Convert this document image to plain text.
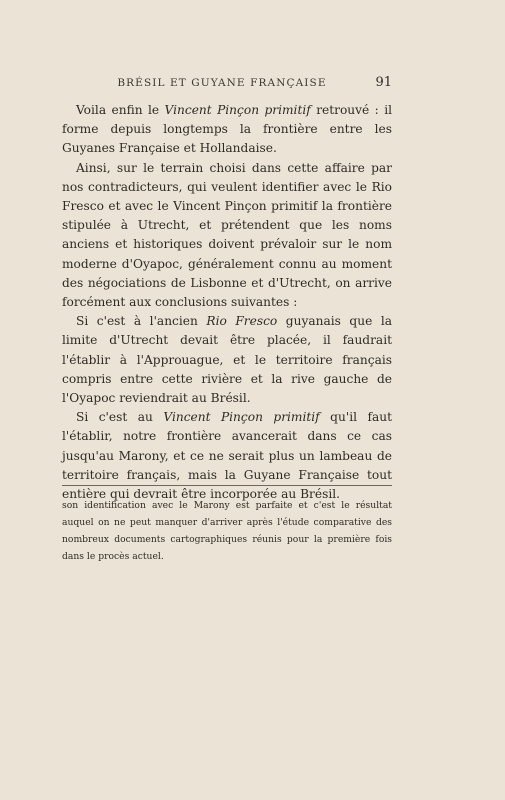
BRÉSIL ET GUYANE FRANÇAISE	91

Voila enfin le Vincent Pinçon primitif retrouvé : il forme depuis longtemps la frontière entre les Guyanes Française et Hollandaise.

Ainsi, sur le terrain choisi dans cette affaire par nos contradicteurs, qui veulent identifier avec le Rio Fresco et avec le Vincent Pinçon primitif la frontière stipulée à Utrecht, et prétendent que les noms anciens et historiques doivent prévaloir sur le nom moderne d'Oyapoc, généralement connu au moment des négociations de Lisbonne et d'Utrecht, on arrive forcément aux conclusions suivantes :

Si c'est à l'ancien Rio Fresco guyanais que la limite d'Utrecht devait être placée, il faudrait l'établir à l'Approuague, et le territoire français compris entre cette rivière et la rive gauche de l'Oyapoc reviendrait au Brésil.

Si c'est au Vincent Pinçon primitif qu'il faut l'établir, notre frontière avancerait dans ce cas jusqu'au Marony, et ce ne serait plus un lambeau de territoire français, mais la Guyane Française tout entière qui devrait être incorporée au Brésil.

son identification avec le Marony est parfaite et c'est le résultat auquel on ne peut manquer d'arriver après l'étude comparative des nombreux documents cartographiques réunis pour la première fois dans le procès actuel.
